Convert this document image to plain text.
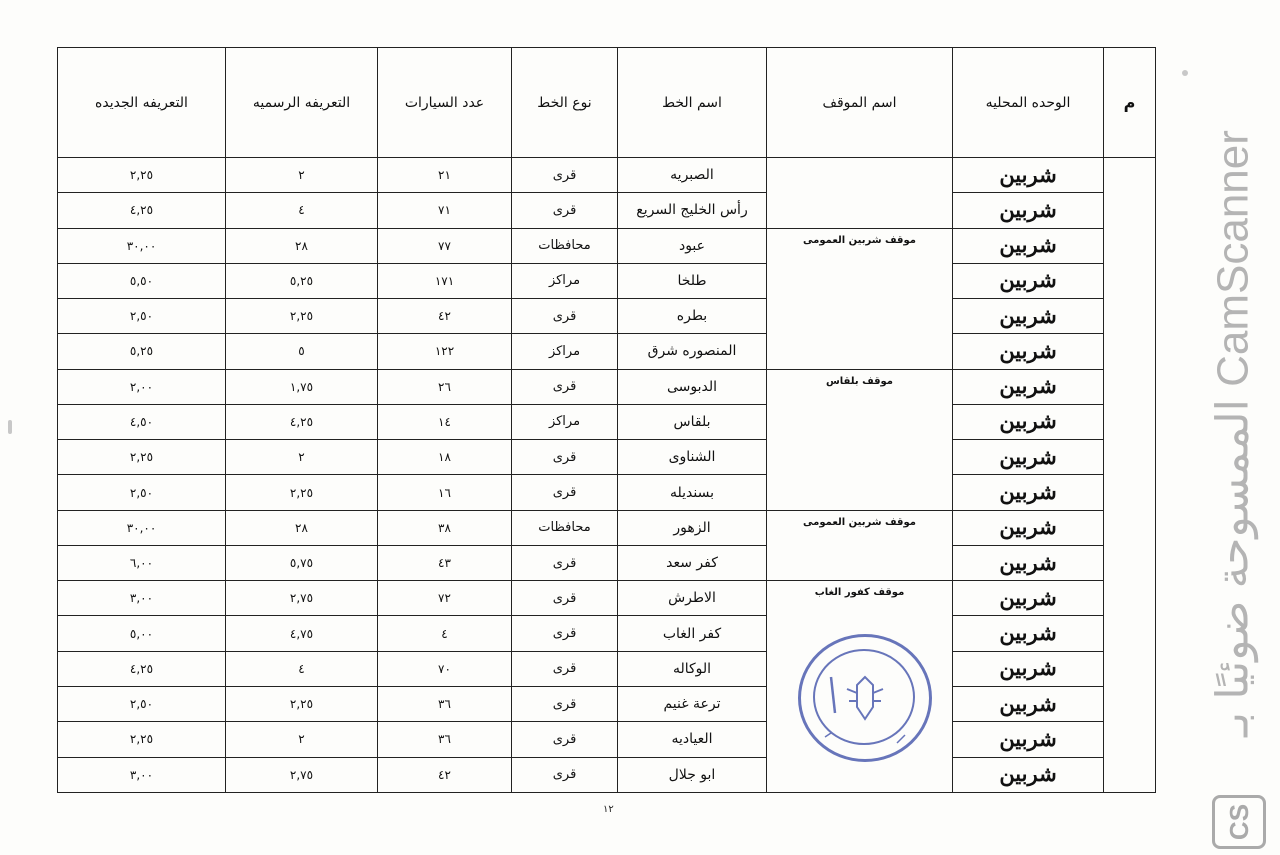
م	الوحده المحليه	اسم الموقف	اسم الخط	نوع الخط	عدد السيارات	التعريفه الرسميه	التعريفه الجديده
	شربين		الصبريه	قرى	٢١	٢	٢,٢٥
	شربين		رأس الخليج السريع	قرى	٧١	٤	٤,٢٥
	شربين	موقف شربين العمومى	عبود	محافظات	٧٧	٢٨	٣٠,٠٠
	شربين		طلخا	مراكز	١٧١	٥,٢٥	٥,٥٠
	شربين		بطره	قرى	٤٢	٢,٢٥	٢,٥٠
	شربين		المنصوره شرق	مراكز	١٢٢	٥	٥,٢٥
	شربين	موقف بلقاس	الدبوسى	قرى	٢٦	١,٧٥	٢,٠٠
	شربين		بلقاس	مراكز	١٤	٤,٢٥	٤,٥٠
	شربين		الشناوى	قرى	١٨	٢	٢,٢٥
	شربين		بسنديله	قرى	١٦	٢,٢٥	٢,٥٠
	شربين	موقف شربين العمومى	الزهور	محافظات	٣٨	٢٨	٣٠,٠٠
	شربين		كفر سعد	قرى	٤٣	٥,٧٥	٦,٠٠
	شربين	موقف كفور الغاب	الاطرش	قرى	٧٢	٢,٧٥	٣,٠٠
	شربين		كفر الغاب	قرى	٤	٤,٧٥	٥,٠٠
	شربين		الوكاله	قرى	٧٠	٤	٤,٢٥
	شربين		ترعة غنيم	قرى	٣٦	٢,٢٥	٢,٥٠
	شربين		العياديه	قرى	٣٦	٢	٢,٢٥
	شربين		ابو جلال	قرى	٤٢	٢,٧٥	٣,٠٠
١٢
الممسوحة ضوئيًا بـ CamScanner
CS
